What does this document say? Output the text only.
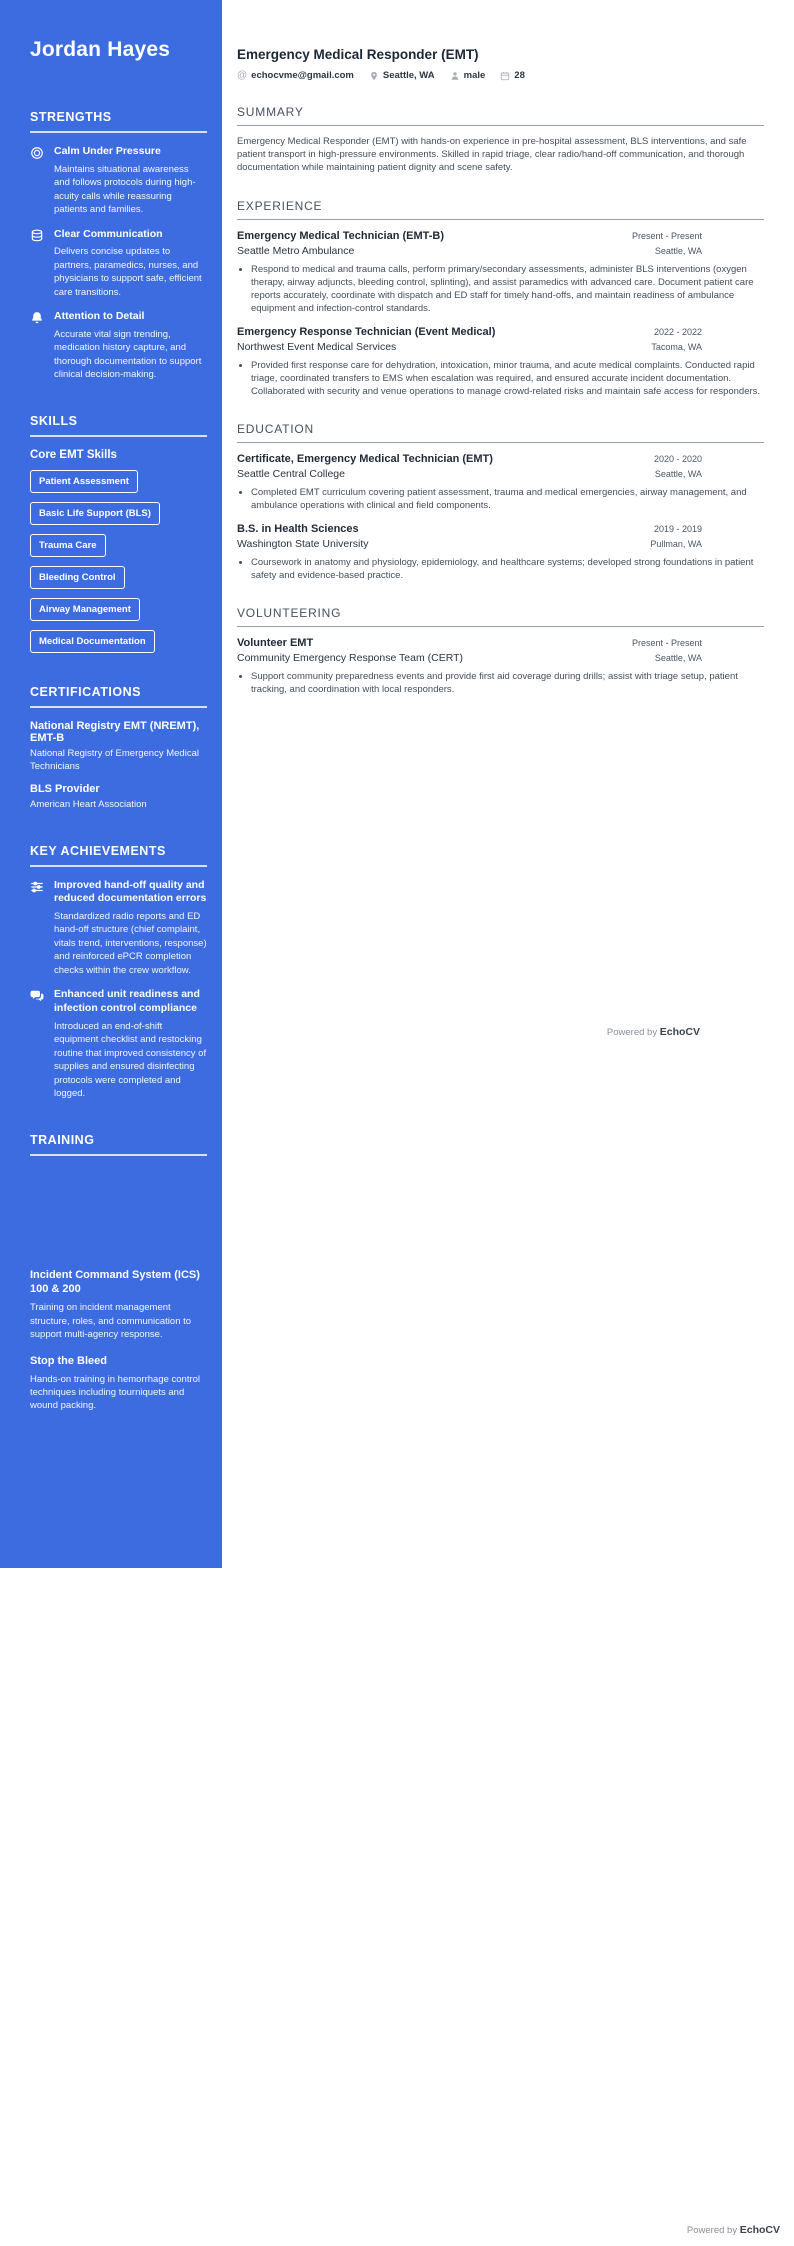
Jordan Hayes
STRENGTHS
Calm Under Pressure
Maintains situational awareness and follows protocols during high-acuity calls while reassuring patients and families.
Clear Communication
Delivers concise updates to partners, paramedics, nurses, and physicians to support safe, efficient care transitions.
Attention to Detail
Accurate vital sign trending, medication history capture, and thorough documentation to support clinical decision-making.
SKILLS
Core EMT Skills
Patient Assessment
Basic Life Support (BLS)
Trauma Care
Bleeding Control
Airway Management
Medical Documentation
CERTIFICATIONS
National Registry EMT (NREMT), EMT-B
National Registry of Emergency Medical Technicians
BLS Provider
American Heart Association
KEY ACHIEVEMENTS
Improved hand-off quality and reduced documentation errors
Standardized radio reports and ED hand-off structure (chief complaint, vitals trend, interventions, response) and reinforced ePCR completion checks within the crew workflow.
Enhanced unit readiness and infection control compliance
Introduced an end-of-shift equipment checklist and restocking routine that improved consistency of supplies and ensured disinfecting protocols were completed and logged.
TRAINING
Incident Command System (ICS) 100 & 200
Training on incident management structure, roles, and communication to support multi-agency response.
Stop the Bleed
Hands-on training in hemorrhage control techniques including tourniquets and wound packing.
Emergency Medical Responder (EMT)
@ echocvme@gmail.com	Seattle, WA	male	28
SUMMARY

Emergency Medical Responder (EMT) with hands-on experience in pre-hospital assessment, BLS interventions, and safe patient transport in high-pressure environments. Skilled in rapid triage, clear radio/hand-off communication, and thorough documentation while maintaining patient dignity and scene safety.

EXPERIENCE
Emergency Medical Technician (EMT-B)	Present - Present
Seattle Metro Ambulance	Seattle, WA
• Respond to medical and trauma calls, perform primary/secondary assessments, administer BLS interventions (oxygen therapy, airway adjuncts, bleeding control, splinting), and assist paramedics with advanced care. Document patient care reports accurately, coordinate with dispatch and ED staff for timely hand-offs, and maintain readiness of ambulance equipment and infection-control standards.
Emergency Response Technician (Event Medical)	2022 - 2022
Northwest Event Medical Services	Tacoma, WA
• Provided first response care for dehydration, intoxication, minor trauma, and acute medical complaints. Conducted rapid triage, coordinated transfers to EMS when escalation was required, and ensured accurate incident documentation. Collaborated with security and venue operations to manage crowd-related risks and maintain safe access for responders.
EDUCATION
Certificate, Emergency Medical Technician (EMT)	2020 - 2020
Seattle Central College	Seattle, WA
• Completed EMT curriculum covering patient assessment, trauma and medical emergencies, airway management, and ambulance operations with clinical and field components.
B.S. in Health Sciences	2019 - 2019
Washington State University	Pullman, WA
• Coursework in anatomy and physiology, epidemiology, and healthcare systems; developed strong foundations in patient safety and evidence-based practice.
VOLUNTEERING
Volunteer EMT	Present - Present
Community Emergency Response Team (CERT)	Seattle, WA
• Support community preparedness events and provide first aid coverage during drills; assist with triage setup, patient tracking, and coordination with local responders.
Powered by EchoCV
Powered by EchoCV
